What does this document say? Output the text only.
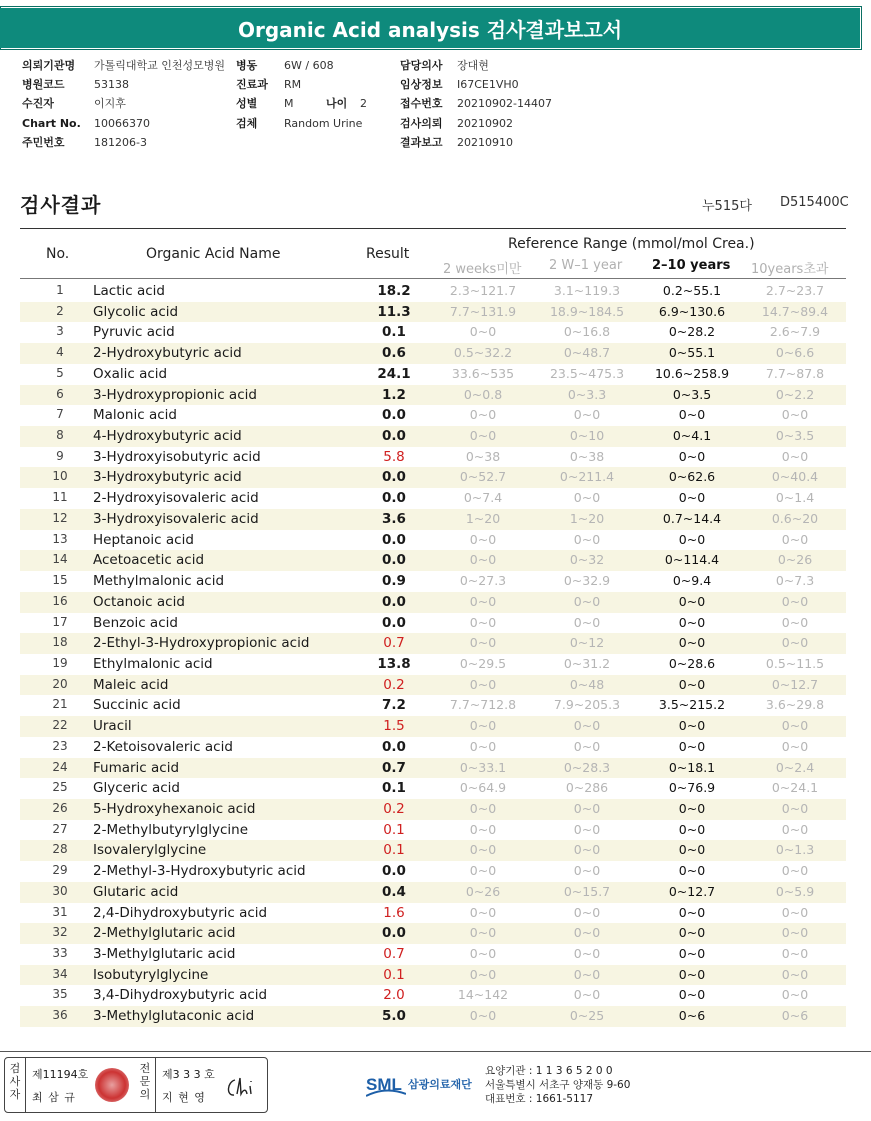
Organic Acid analysis 검사결과보고서
의뢰기관명	가톨릭대학교 인천성모병원
병원코드	53138
수진자	이지후
Chart No.	10066370
주민번호	181206-3
병동	6W / 608
진료과	RM
성별	M	나이	2
검체	Random Urine
담당의사	장대현
임상정보	I67CE1VH0
접수번호	20210902-14407
검사의뢰	20210902
결과보고	20210910
검사결과	누515다 D515400C
No.	Organic Acid Name	Result
Reference Range (mmol/mol Crea.)
2 weeks미만 2 W–1 year 2–10 years 10years초과
1	Lactic acid	18.2	2.3~121.7	3.1~119.3	0.2~55.1	2.7~23.7
2	Glycolic acid	11.3	7.7~131.9	18.9~184.5	6.9~130.6	14.7~89.4
3	Pyruvic acid	0.1	0~0	0~16.8	0~28.2	2.6~7.9
4	2-Hydroxybutyric acid	0.6	0.5~32.2	0~48.7	0~55.1	0~6.6
5	Oxalic acid	24.1	33.6~535	23.5~475.3	10.6~258.9	7.7~87.8
6	3-Hydroxypropionic acid	1.2	0~0.8	0~3.3	0~3.5	0~2.2
7	Malonic acid	0.0	0~0	0~0	0~0	0~0
8	4-Hydroxybutyric acid	0.0	0~0	0~10	0~4.1	0~3.5
9	3-Hydroxyisobutyric acid	5.8	0~38	0~38	0~0	0~0
10	3-Hydroxybutyric acid	0.0	0~52.7	0~211.4	0~62.6	0~40.4
11	2-Hydroxyisovaleric acid	0.0	0~7.4	0~0	0~0	0~1.4
12	3-Hydroxyisovaleric acid	3.6	1~20	1~20	0.7~14.4	0.6~20
13	Heptanoic acid	0.0	0~0	0~0	0~0	0~0
14	Acetoacetic acid	0.0	0~0	0~32	0~114.4	0~26
15	Methylmalonic acid	0.9	0~27.3	0~32.9	0~9.4	0~7.3
16	Octanoic acid	0.0	0~0	0~0	0~0	0~0
17	Benzoic acid	0.0	0~0	0~0	0~0	0~0
18	2-Ethyl-3-Hydroxypropionic acid	0.7	0~0	0~12	0~0	0~0
19	Ethylmalonic acid	13.8	0~29.5	0~31.2	0~28.6	0.5~11.5
20	Maleic acid	0.2	0~0	0~48	0~0	0~12.7
21	Succinic acid	7.2	7.7~712.8	7.9~205.3	3.5~215.2	3.6~29.8
22	Uracil	1.5	0~0	0~0	0~0	0~0
23	2-Ketoisovaleric acid	0.0	0~0	0~0	0~0	0~0
24	Fumaric acid	0.7	0~33.1	0~28.3	0~18.1	0~2.4
25	Glyceric acid	0.1	0~64.9	0~286	0~76.9	0~24.1
26	5-Hydroxyhexanoic acid	0.2	0~0	0~0	0~0	0~0
27	2-Methylbutyrylglycine	0.1	0~0	0~0	0~0	0~0
28	Isovalerylglycine	0.1	0~0	0~0	0~0	0~1.3
29	2-Methyl-3-Hydroxybutyric acid	0.0	0~0	0~0	0~0	0~0
30	Glutaric acid	0.4	0~26	0~15.7	0~12.7	0~5.9
31	2,4-Dihydroxybutyric acid	1.6	0~0	0~0	0~0	0~0
32	2-Methylglutaric acid	0.0	0~0	0~0	0~0	0~0
33	3-Methylglutaric acid	0.7	0~0	0~0	0~0	0~0
34	Isobutyrylglycine	0.1	0~0	0~0	0~0	0~0
35	3,4-Dihydroxybutyric acid	2.0	14~142	0~0	0~0	0~0
36	3-Methylglutaconic acid	5.0	0~0	0~25	0~6	0~6
검사자
제11194호
최 삼 규
전문의
제3 3 3 호
지 현 영
SML 삼광의료재단
요양기관 : 1 1 3 6 5 2 0 0
서울특별시 서초구 양재동 9-60
대표번호 : 1661-5117
